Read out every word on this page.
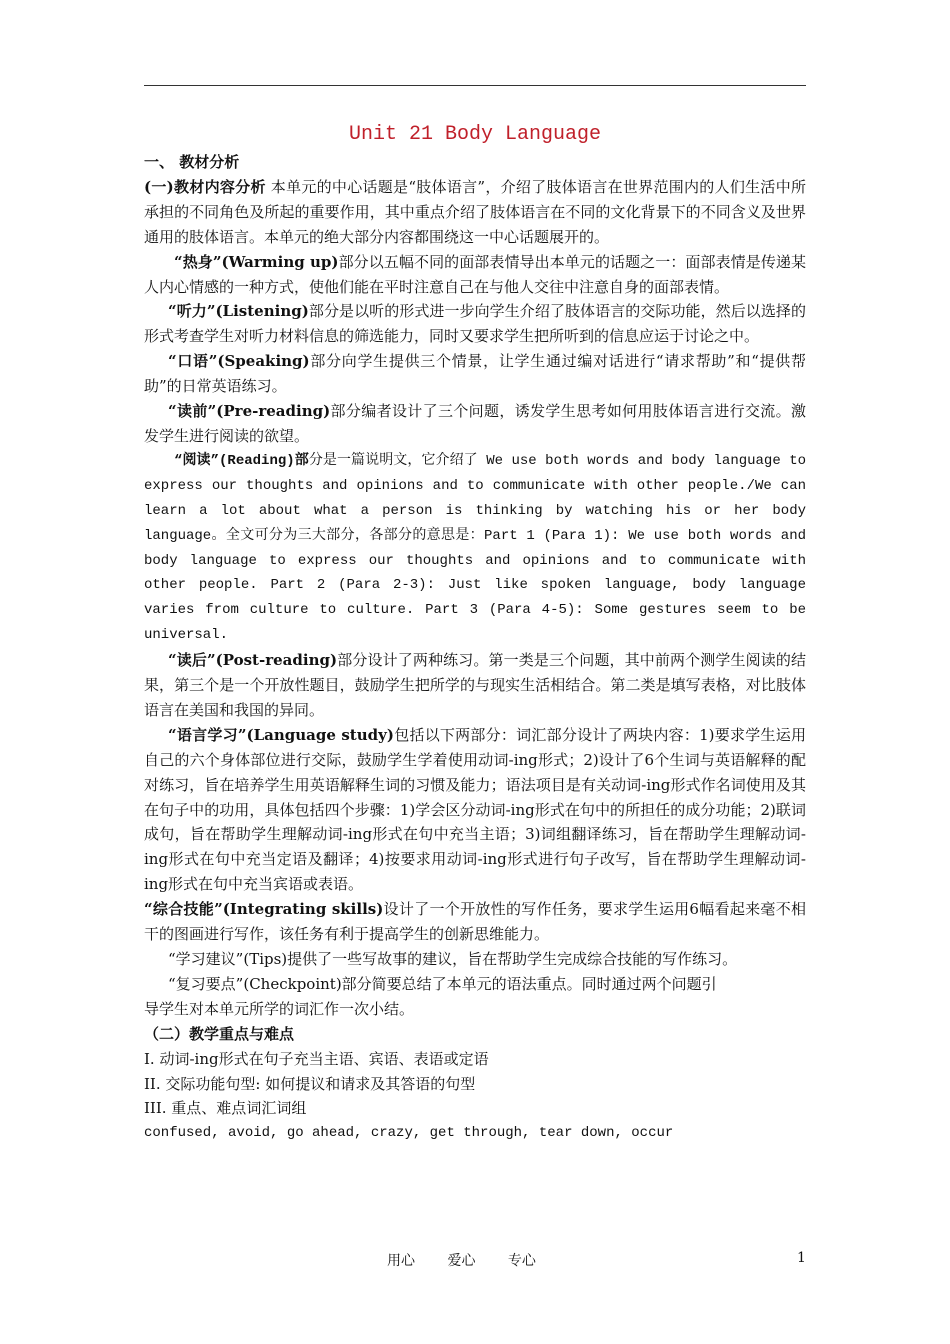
Unit 21 Body Language

一、 教材分析

(一)教材内容分析 本单元的中心话题是“肢体语言”，介绍了肢体语言在世界范围内的人们生活中所承担的不同角色及所起的重要作用，其中重点介绍了肢体语言在不同的文化背景下的不同含义及世界通用的肢体语言。本单元的绝大部分内容都围绕这一中心话题展开的。

“热身”(Warming up)部分以五幅不同的面部表情导出本单元的话题之一：面部表情是传递某人内心情感的一种方式，使他们能在平时注意自己在与他人交往中注意自身的面部表情。

“听力”(Listening)部分是以听的形式进一步向学生介绍了肢体语言的交际功能，然后以选择的形式考查学生对听力材料信息的筛选能力，同时又要求学生把所听到的信息应运于讨论之中。

“口语”(Speaking)部分向学生提供三个情景，让学生通过编对话进行“请求帮助”和“提供帮助”的日常英语练习。

“读前”(Pre-reading)部分编者设计了三个问题，诱发学生思考如何用肢体语言进行交流。激发学生进行阅读的欲望。

“阅读”(Reading)部分是一篇说明文，它介绍了 We use both words and body language to express our thoughts and opinions and to communicate with other people./We can learn a lot about what a person is thinking by watching his or her body language。全文可分为三大部分，各部分的意思是：Part 1 (Para 1): We use both words and body language to express our thoughts and opinions and to communicate with other people. Part 2 (Para 2-3): Just like spoken language, body language varies from culture to culture. Part 3 (Para 4-5): Some gestures seem to be universal.

“读后”(Post-reading)部分设计了两种练习。第一类是三个问题，其中前两个测学生阅读的结果，第三个是一个开放性题目，鼓励学生把所学的与现实生活相结合。第二类是填写表格，对比肢体语言在美国和我国的异同。

“语言学习”(Language study)包括以下两部分：词汇部分设计了两块内容：1)要求学生运用自己的六个身体部位进行交际，鼓励学生学着使用动词-ing形式；2)设计了6个生词与英语解释的配对练习，旨在培养学生用英语解释生词的习惯及能力；语法项目是有关动词-ing形式作名词使用及其在句子中的功用，具体包括四个步骤：1)学会区分动词-ing形式在句中的所担任的成分功能；2)联词成句，旨在帮助学生理解动词-ing形式在句中充当主语；3)词组翻译练习，旨在帮助学生理解动词-ing形式在句中充当定语及翻译；4)按要求用动词-ing形式进行句子改写，旨在帮助学生理解动词-ing形式在句中充当宾语或表语。

“综合技能”(Integrating skills)设计了一个开放性的写作任务，要求学生运用6幅看起来毫不相干的图画进行写作，该任务有利于提高学生的创新思维能力。

“学习建议”(Tips)提供了一些写故事的建议，旨在帮助学生完成综合技能的写作练习。

“复习要点”(Checkpoint)部分简要总结了本单元的语法重点。同时通过两个问题引

导学生对本单元所学的词汇作一次小结。

（二）教学重点与难点

I. 动词-ing形式在句子充当主语、宾语、表语或定语

II. 交际功能句型: 如何提议和请求及其答语的句型

III. 重点、难点词汇词组

confused, avoid, go ahead, crazy, get through, tear down, occur

用心 爱心 专心	1
